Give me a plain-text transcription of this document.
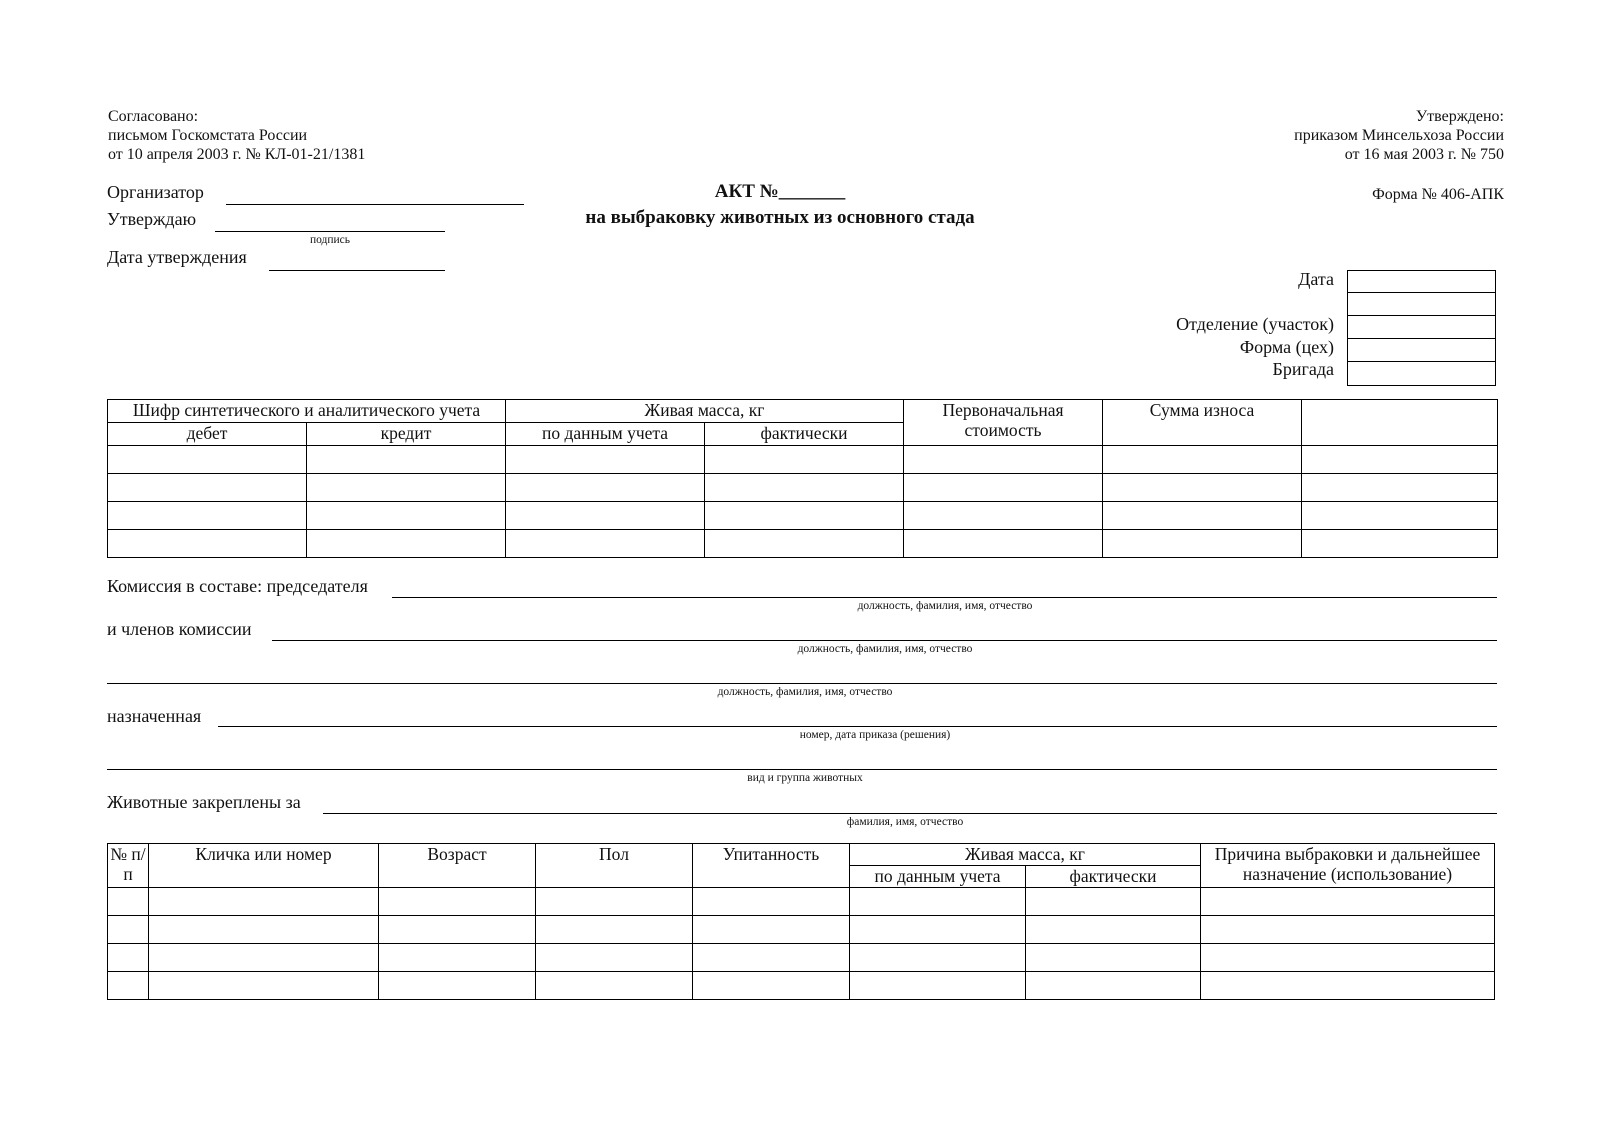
Согласовано:
письмом Госкомстата России
от 10 апреля 2003 г. № КЛ-01-21/1381
Утверждено:
приказом Минсельхоза России
от 16 мая 2003 г. № 750
Форма № 406-АПК
Организатор
Утверждаю
подпись
Дата утверждения
АКТ №_______
на выбраковку животных из основного стада
Дата
Отделение (участок)
Форма (цех)
Бригада
Шифр синтетического и аналитического учета		Живая масса, кг		Первоначальная стоимость	Сумма износа	
дебет	кредит	по данным учета	фактически			

Комиссия в составе: председателя
должность, фамилия, имя, отчество
и членов комиссии
должность, фамилия, имя, отчество
должность, фамилия, имя, отчество
назначенная
номер, дата приказа (решения)
вид и группа животных
Животные закреплены за
фамилия, имя, отчество
№ п/п	Кличка или номер	Возраст	Пол	Упитанность	Живая масса, кг		Причина выбраковки и дальнейшее назначение (использование)
					по данным учета	фактически	
